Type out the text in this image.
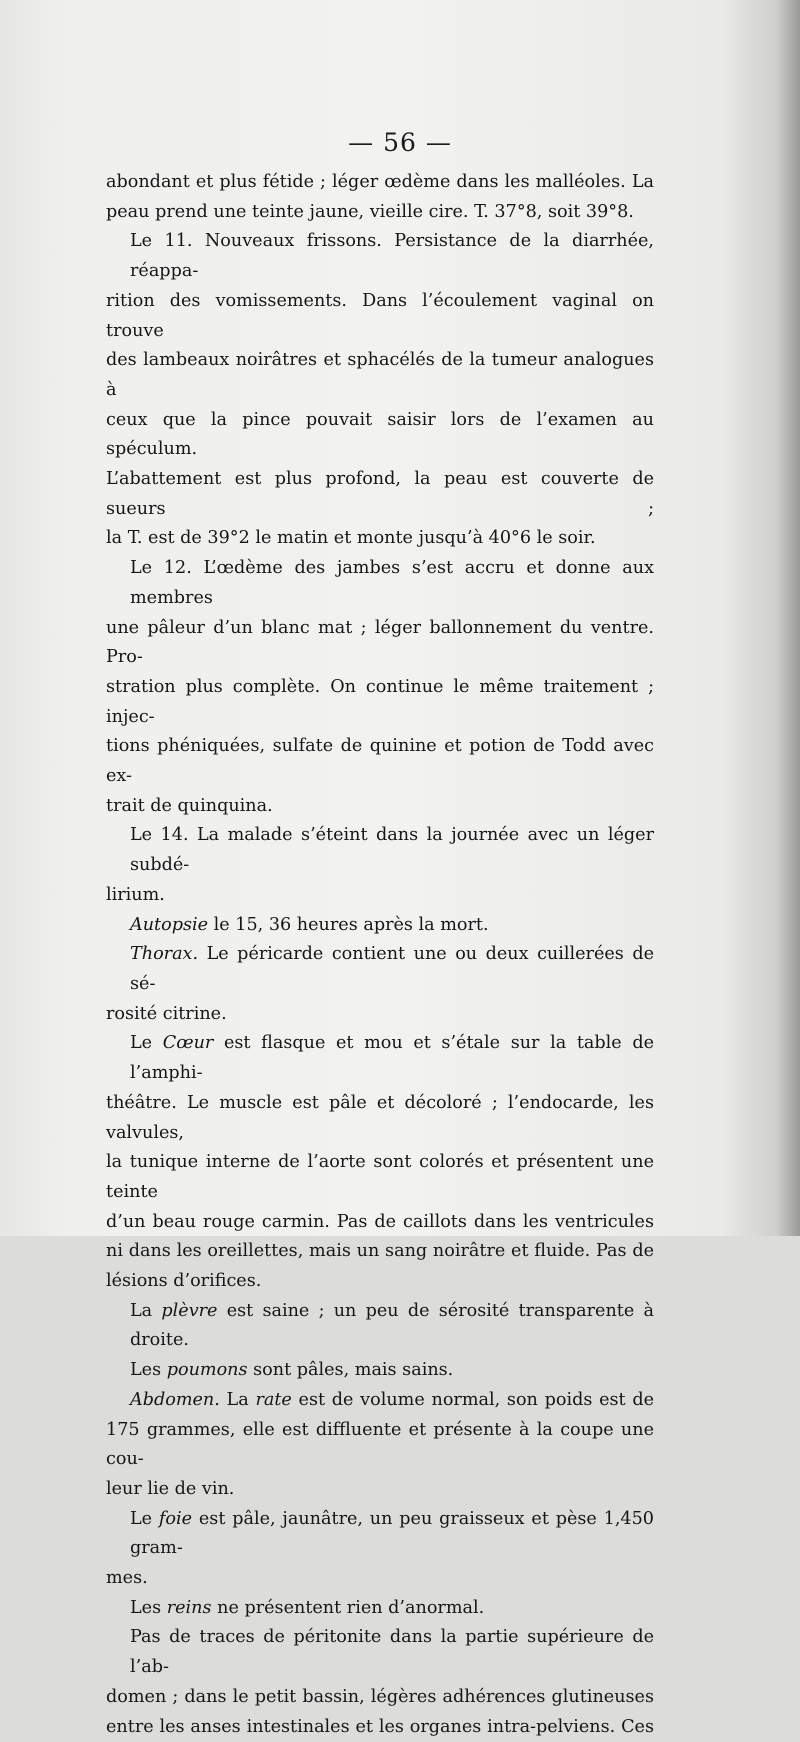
— 56 —
abondant et plus fétide ; léger œdème dans les malléoles. La
peau prend une teinte jaune, vieille cire. T. 37°8, soit 39°8.
Le 11. Nouveaux frissons. Persistance de la diarrhée, réappa-
rition des vomissements. Dans l’écoulement vaginal on trouve
des lambeaux noirâtres et sphacélés de la tumeur analogues à
ceux que la pince pouvait saisir lors de l’examen au spéculum.
L’abattement est plus profond, la peau est couverte de sueurs ;
la T. est de 39°2 le matin et monte jusqu’à 40°6 le soir.
Le 12. L’œdème des jambes s’est accru et donne aux membres
une pâleur d’un blanc mat ; léger ballonnement du ventre. Pro-
stration plus complète. On continue le même traitement ; injec-
tions phéniquées, sulfate de quinine et potion de Todd avec ex-
trait de quinquina.
Le 14. La malade s’éteint dans la journée avec un léger subdé-
lirium.
Autopsie le 15, 36 heures après la mort.
Thorax. Le péricarde contient une ou deux cuillerées de sé-
rosité citrine.
Le Cœur est flasque et mou et s’étale sur la table de l’amphi-
théâtre. Le muscle est pâle et décoloré ; l’endocarde, les valvules,
la tunique interne de l’aorte sont colorés et présentent une teinte
d’un beau rouge carmin. Pas de caillots dans les ventricules
ni dans les oreillettes, mais un sang noirâtre et fluide. Pas de
lésions d’orifices.
La plèvre est saine ; un peu de sérosité transparente à droite.
Les poumons sont pâles, mais sains.
Abdomen. La rate est de volume normal, son poids est de
175 grammes, elle est diffluente et présente à la coupe une cou-
leur lie de vin.
Le foie est pâle, jaunâtre, un peu graisseux et pèse 1,450 gram-
mes.
Les reins ne présentent rien d’anormal.
Pas de traces de péritonite dans la partie supérieure de l’ab-
domen ; dans le petit bassin, légères adhérences glutineuses
entre les anses intestinales et les organes intra-pelviens. Ces
